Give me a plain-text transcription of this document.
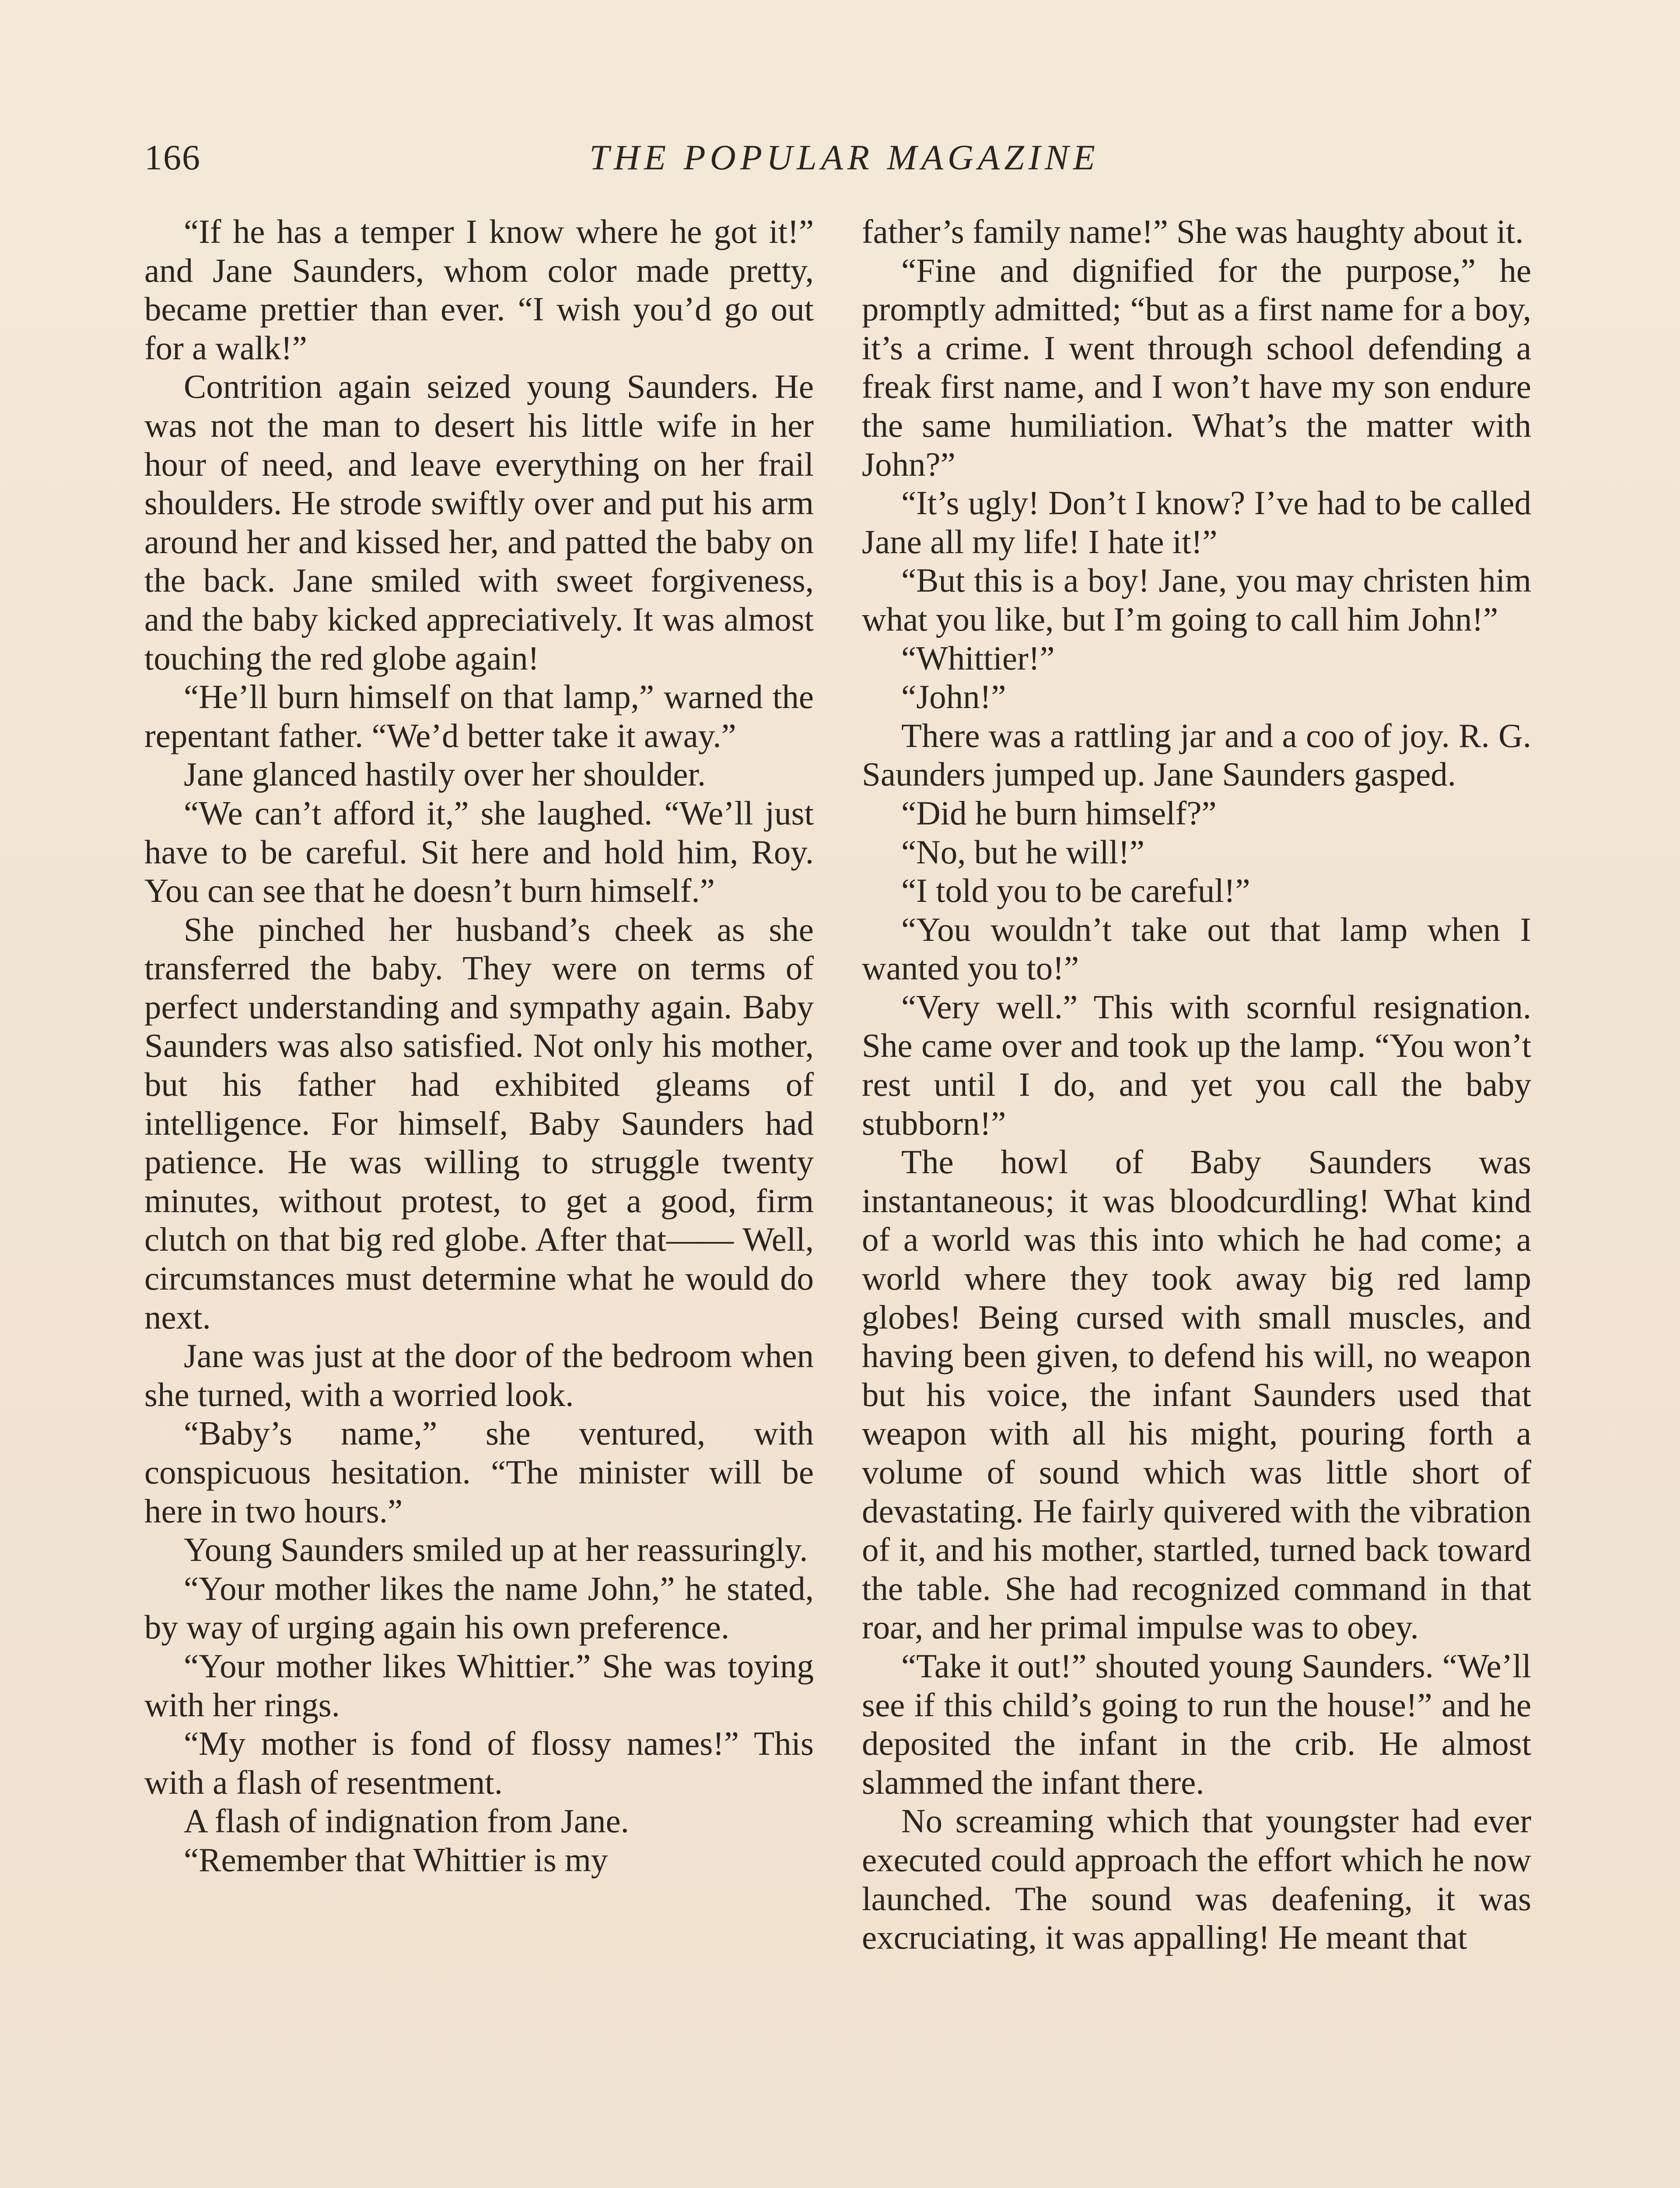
166	THE POPULAR MAGAZINE

“If he has a temper I know where he got it!” and Jane Saunders, whom color made pretty, became prettier than ever. “I wish you’d go out for a walk!”

Contrition again seized young Saunders. He was not the man to desert his little wife in her hour of need, and leave everything on her frail shoulders. He strode swiftly over and put his arm around her and kissed her, and patted the baby on the back. Jane smiled with sweet forgiveness, and the baby kicked appreciatively. It was almost touching the red globe again!

“He’ll burn himself on that lamp,” warned the repentant father. “We’d better take it away.”

Jane glanced hastily over her shoulder.

“We can’t afford it,” she laughed. “We’ll just have to be careful. Sit here and hold him, Roy. You can see that he doesn’t burn himself.”

She pinched her husband’s cheek as she transferred the baby. They were on terms of perfect understanding and sympathy again. Baby Saunders was also satisfied. Not only his mother, but his father had exhibited gleams of intelligence. For himself, Baby Saunders had patience. He was willing to struggle twenty minutes, without protest, to get a good, firm clutch on that big red globe. After that—— Well, circumstances must determine what he would do next.

Jane was just at the door of the bedroom when she turned, with a worried look.

“Baby’s name,” she ventured, with conspicuous hesitation. “The minister will be here in two hours.”

Young Saunders smiled up at her reassuringly.

“Your mother likes the name John,” he stated, by way of urging again his own preference.

“Your mother likes Whittier.” She was toying with her rings.

“My mother is fond of flossy names!” This with a flash of resentment.

A flash of indignation from Jane.

“Remember that Whittier is my

father’s family name!” She was haughty about it.

“Fine and dignified for the purpose,” he promptly admitted; “but as a first name for a boy, it’s a crime. I went through school defending a freak first name, and I won’t have my son endure the same humiliation. What’s the matter with John?”

“It’s ugly! Don’t I know? I’ve had to be called Jane all my life! I hate it!”

“But this is a boy! Jane, you may christen him what you like, but I’m going to call him John!”

“Whittier!”

“John!”

There was a rattling jar and a coo of joy. R. G. Saunders jumped up. Jane Saunders gasped.

“Did he burn himself?”

“No, but he will!”

“I told you to be careful!”

“You wouldn’t take out that lamp when I wanted you to!”

“Very well.” This with scornful resignation. She came over and took up the lamp. “You won’t rest until I do, and yet you call the baby stubborn!”

The howl of Baby Saunders was instantaneous; it was bloodcurdling! What kind of a world was this into which he had come; a world where they took away big red lamp globes! Being cursed with small muscles, and having been given, to defend his will, no weapon but his voice, the infant Saunders used that weapon with all his might, pouring forth a volume of sound which was little short of devastating. He fairly quivered with the vibration of it, and his mother, startled, turned back toward the table. She had recognized command in that roar, and her primal impulse was to obey.

“Take it out!” shouted young Saunders. “We’ll see if this child’s going to run the house!” and he deposited the infant in the crib. He almost slammed the infant there.

No screaming which that youngster had ever executed could approach the effort which he now launched. The sound was deafening, it was excruciating, it was appalling! He meant that
